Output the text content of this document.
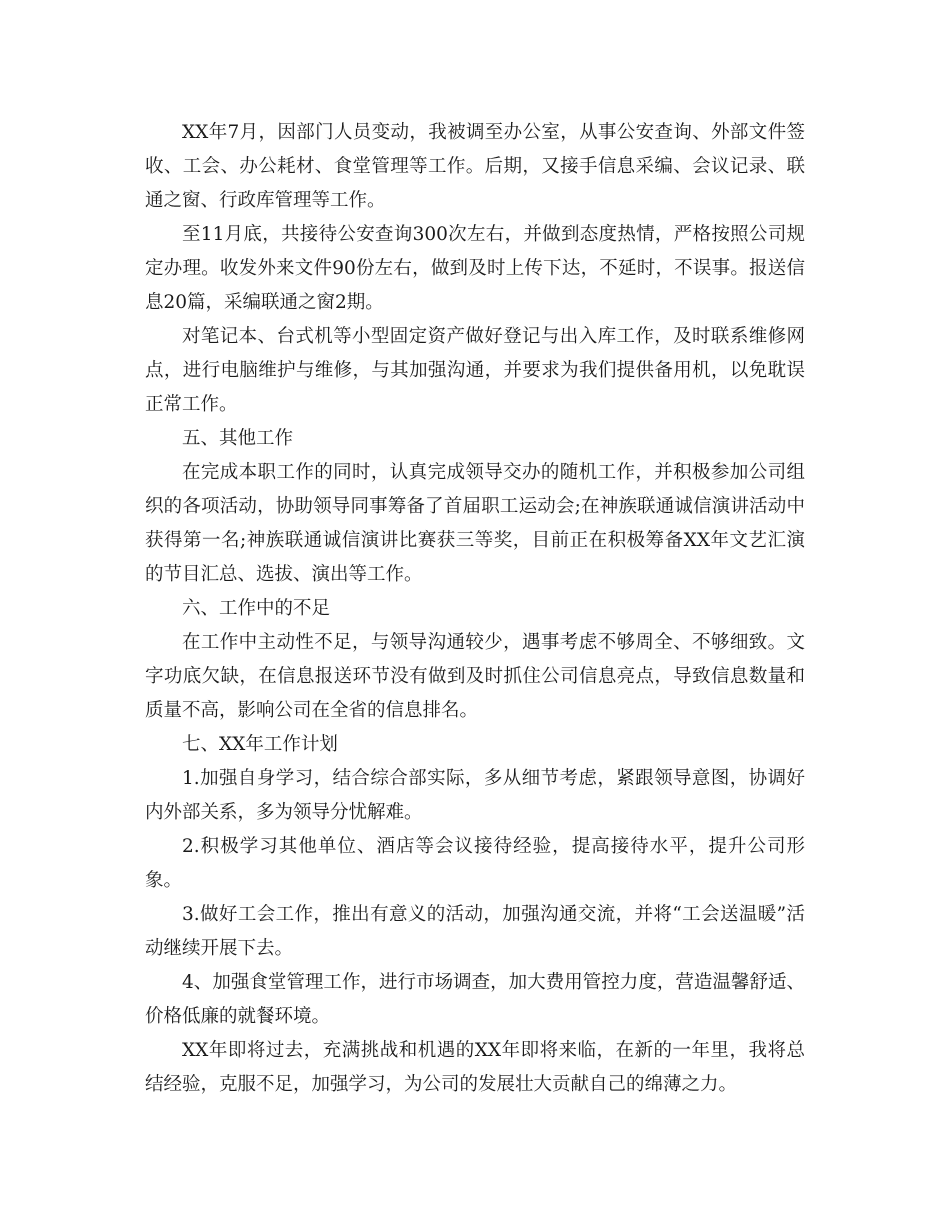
XX年7月，因部门人员变动，我被调至办公室，从事公安查询、外部文件签收、工会、办公耗材、食堂管理等工作。后期，又接手信息采编、会议记录、联通之窗、行政库管理等工作。

至11月底，共接待公安查询300次左右，并做到态度热情，严格按照公司规定办理。收发外来文件90份左右，做到及时上传下达，不延时，不误事。报送信息20篇，采编联通之窗2期。

对笔记本、台式机等小型固定资产做好登记与出入库工作，及时联系维修网点，进行电脑维护与维修，与其加强沟通，并要求为我们提供备用机，以免耽误正常工作。

五、其他工作

在完成本职工作的同时，认真完成领导交办的随机工作，并积极参加公司组织的各项活动，协助领导同事筹备了首届职工运动会;在神族联通诚信演讲活动中获得第一名;神族联通诚信演讲比赛获三等奖，目前正在积极筹备XX年文艺汇演的节目汇总、选拔、演出等工作。

六、工作中的不足

在工作中主动性不足，与领导沟通较少，遇事考虑不够周全、不够细致。文字功底欠缺，在信息报送环节没有做到及时抓住公司信息亮点，导致信息数量和质量不高，影响公司在全省的信息排名。

七、XX年工作计划

1.加强自身学习，结合综合部实际，多从细节考虑，紧跟领导意图，协调好内外部关系，多为领导分忧解难。

2.积极学习其他单位、酒店等会议接待经验，提高接待水平，提升公司形象。

3.做好工会工作，推出有意义的活动，加强沟通交流，并将“工会送温暖”活动继续开展下去。

4、加强食堂管理工作，进行市场调查，加大费用管控力度，营造温馨舒适、价格低廉的就餐环境。

XX年即将过去，充满挑战和机遇的XX年即将来临，在新的一年里，我将总结经验，克服不足，加强学习，为公司的发展壮大贡献自己的绵薄之力。
